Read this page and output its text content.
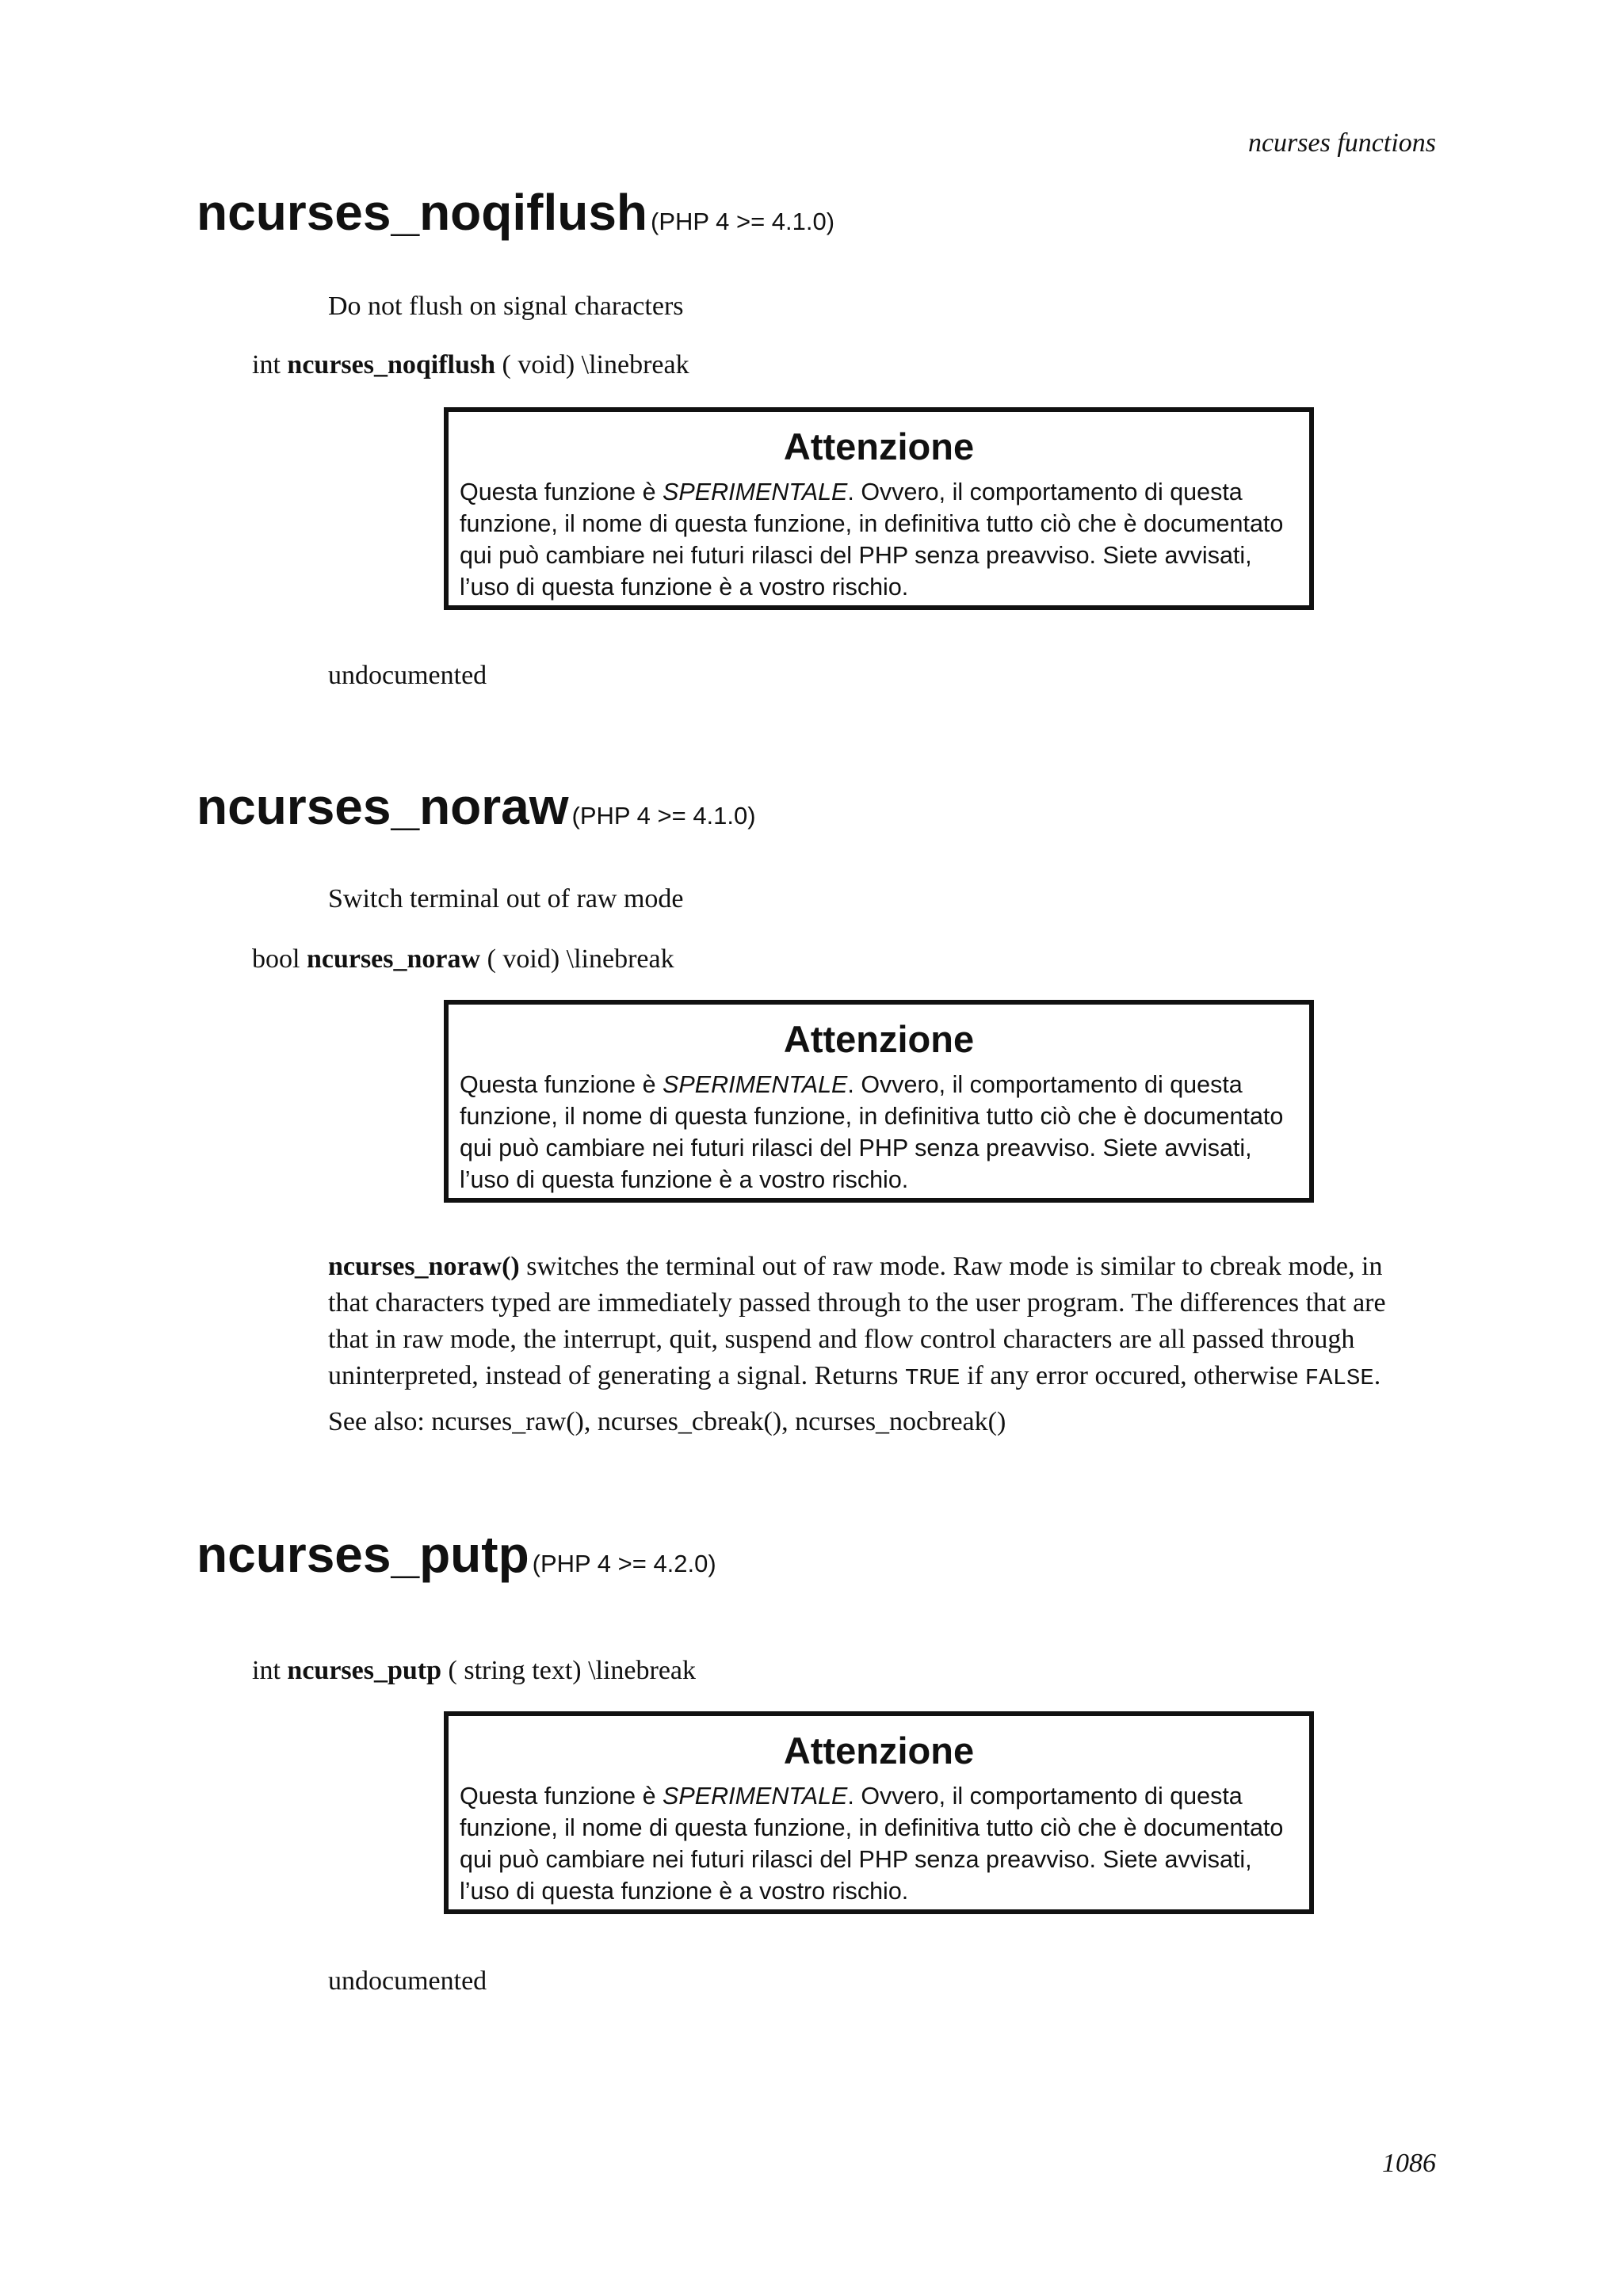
ncurses functions
ncurses_noqiflush (PHP 4 >= 4.1.0)
Do not flush on signal characters
int ncurses_noqiflush ( void) \linebreak
Attenzione
Questa funzione è SPERIMENTALE. Ovvero, il comportamento di questa
funzione, il nome di questa funzione, in definitiva tutto ciò che è documentato
qui può cambiare nei futuri rilasci del PHP senza preavviso. Siete avvisati,
l’uso di questa funzione è a vostro rischio.
undocumented
ncurses_noraw (PHP 4 >= 4.1.0)
Switch terminal out of raw mode
bool ncurses_noraw ( void) \linebreak
Attenzione
Questa funzione è SPERIMENTALE. Ovvero, il comportamento di questa
funzione, il nome di questa funzione, in definitiva tutto ciò che è documentato
qui può cambiare nei futuri rilasci del PHP senza preavviso. Siete avvisati,
l’uso di questa funzione è a vostro rischio.
ncurses_noraw() switches the terminal out of raw mode. Raw mode is similar to cbreak mode, in
that characters typed are immediately passed through to the user program. The differences that are
that in raw mode, the interrupt, quit, suspend and flow control characters are all passed through
uninterpreted, instead of generating a signal. Returns TRUE if any error occured, otherwise FALSE.
See also: ncurses_raw(), ncurses_cbreak(), ncurses_nocbreak()
ncurses_putp (PHP 4 >= 4.2.0)
int ncurses_putp ( string text) \linebreak
Attenzione
Questa funzione è SPERIMENTALE. Ovvero, il comportamento di questa
funzione, il nome di questa funzione, in definitiva tutto ciò che è documentato
qui può cambiare nei futuri rilasci del PHP senza preavviso. Siete avvisati,
l’uso di questa funzione è a vostro rischio.
undocumented
1086
